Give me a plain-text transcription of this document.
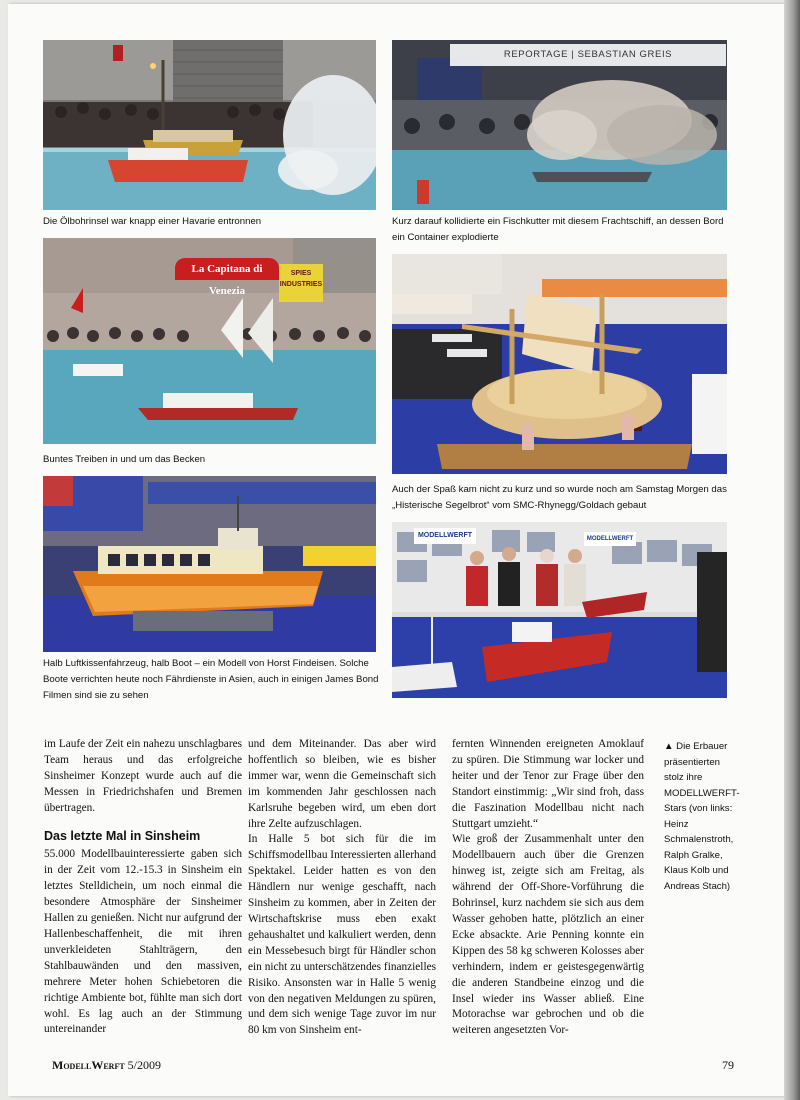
Die Ölbohrinsel war knapp einer Havarie entronnen
REPORTAGE | SEBASTIAN GREIS
Kurz darauf kollidierte ein Fischkutter mit diesem Frachtschiff, an dessen Bord ein Container explodierte
La Capitana di Venezia
SPIES INDUSTRIES
Buntes Treiben in und um das Becken
Auch der Spaß kam nicht zu kurz und so wurde noch am Samstag Morgen das „Histerische Segelbrot“ vom SMC-Rhynegg/Goldach gebaut
Halb Luftkissenfahrzeug, halb Boot – ein Modell von Horst Findeisen. Solche Boote verrichten heute noch Fährdienste in Asien, auch in einigen James Bond Filmen sind sie zu sehen
MODELLWERFT	MODELLWERFT

im Laufe der Zeit ein nahezu unschlagbares Team heraus und das erfolgreiche Sinsheimer Konzept wurde auch auf die Messen in Friedrichshafen und Bremen übertragen.

Das letzte Mal in Sinsheim

55.000 Modellbauinteressierte gaben sich in der Zeit vom 12.-15.3 in Sinsheim ein letztes Stelldichein, um noch einmal die besondere Atmosphäre der Sinsheimer Hallen zu genießen. Nicht nur aufgrund der Hallenbeschaffenheit, die mit ihren unverkleideten Stahlträgern, den Stahlbauwänden und den massiven, mehrere Meter hohen Schiebetoren die richtige Ambiente bot, fühlte man sich dort wohl. Es lag auch an der Stimmung untereinander

und dem Miteinander. Das aber wird hoffentlich so bleiben, wie es bisher immer war, wenn die Gemeinschaft sich im kommenden Jahr geschlossen nach Karlsruhe begeben wird, um eben dort ihre Zelte aufzuschlagen.

In Halle 5 bot sich für die im Schiffsmodellbau Interessierten allerhand Spektakel. Leider hatten es von den Händlern nur wenige geschafft, nach Sinsheim zu kommen, aber in Zeiten der Wirtschaftskrise muss eben exakt gehaushaltet und kalkuliert werden, denn ein Messebesuch birgt für Händler schon ein nicht zu unterschätzendes finanzielles Risiko. Ansonsten war in Halle 5 wenig von den negativen Meldungen zu spüren, und dem sich wenige Tage zuvor im nur 80 km von Sinsheim ent-

fernten Winnenden ereigneten Amoklauf zu spüren. Die Stimmung war locker und heiter und der Tenor zur Frage über den Standort einstimmig: „Wir sind froh, dass die Faszination Modellbau nicht nach Stuttgart umzieht.“

Wie groß der Zusammenhalt unter den Modellbauern auch über die Grenzen hinweg ist, zeigte sich am Freitag, als während der Off-Shore-Vorführung die Bohrinsel, kurz nachdem sie sich aus dem Wasser gehoben hatte, plötzlich an einer Ecke absackte. Arie Penning konnte ein Kippen des 58 kg schweren Kolosses aber verhindern, indem er geistesgegenwärtig die anderen Standbeine einzog und die Insel wieder ins Wasser abließ. Eine Motorachse war gebrochen und ob die weiteren angesetzten Vor-

▲ Die Erbauer präsentierten stolz ihre MODELLWERFT-Stars (von links: Heinz Schmalenstroth, Ralph Gralke, Klaus Kolb und Andreas Stach)
ModellWerft 5/2009	79
